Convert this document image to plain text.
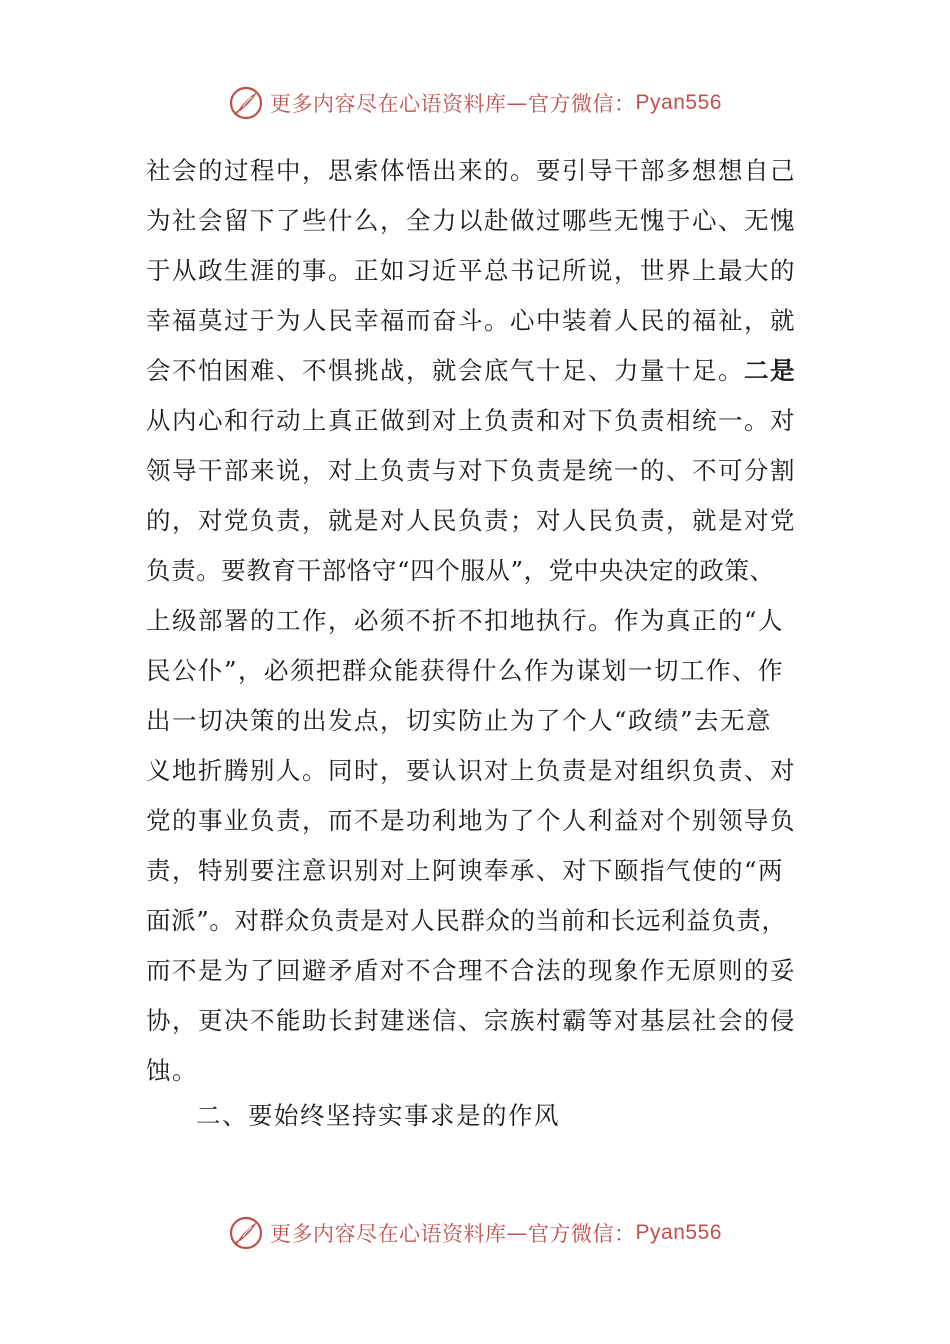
更多内容尽在心语资料库 — 官方微信： Pyan556
社会的过程中，思索体悟出来的。要引导干部多想想自己
为社会留下了些什么，全力以赴做过哪些无愧于心、无愧
于从政生涯的事。正如习近平总书记所说，世界上最大的
幸福莫过于为人民幸福而奋斗。心中装着人民的福祉，就
会不怕困难、不惧挑战，就会底气十足、力量十足。二是
从内心和行动上真正做到对上负责和对下负责相统一。对
领导干部来说，对上负责与对下负责是统一的、不可分割
的，对党负责，就是对人民负责；对人民负责，就是对党
负责。要教育干部恪守“四个服从”，党中央决定的政策、
上级部署的工作，必须不折不扣地执行。作为真正的“人
民公仆”，必须把群众能获得什么作为谋划一切工作、作
出一切决策的出发点，切实防止为了个人“政绩”去无意
义地折腾别人。同时，要认识对上负责是对组织负责、对
党的事业负责，而不是功利地为了个人利益对个别领导负
责，特别要注意识别对上阿谀奉承、对下颐指气使的“两
面派”。对群众负责是对人民群众的当前和长远利益负责，
而不是为了回避矛盾对不合理不合法的现象作无原则的妥
协，更决不能助长封建迷信、宗族村霸等对基层社会的侵
蚀。
二、要始终坚持实事求是的作风
更多内容尽在心语资料库 — 官方微信： Pyan556
